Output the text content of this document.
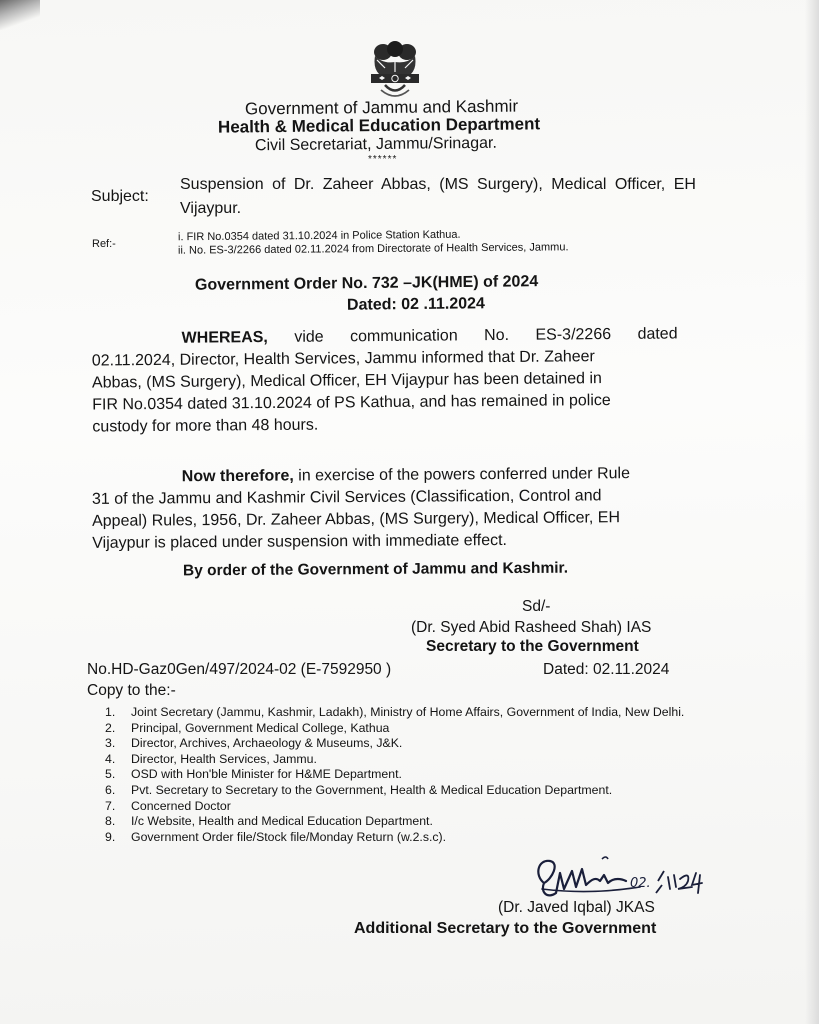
Government of Jammu and Kashmir
Health & Medical Education Department
Civil Secretariat, Jammu/Srinagar.
******
Subject:
Suspension of Dr. Zaheer Abbas, (MS Surgery), Medical Officer, EH Vijaypur.
Ref:-
i. FIR No.0354 dated 31.10.2024 in Police Station Kathua.
ii. No. ES-3/2266 dated 02.11.2024 from Directorate of Health Services, Jammu.
Government Order No. 732 –JK(HME) of 2024
Dated: 02 .11.2024
WHEREAS, vide communication No. ES-3/2266 dated
02.11.2024, Director, Health Services, Jammu informed that Dr. Zaheer
Abbas, (MS Surgery), Medical Officer, EH Vijaypur has been detained in
FIR No.0354 dated 31.10.2024 of PS Kathua, and has remained in police
custody for more than 48 hours.
Now therefore, in exercise of the powers conferred under Rule
31 of the Jammu and Kashmir Civil Services (Classification, Control and
Appeal) Rules, 1956, Dr. Zaheer Abbas, (MS Surgery), Medical Officer, EH
Vijaypur is placed under suspension with immediate effect.
By order of the Government of Jammu and Kashmir.
Sd/-
(Dr. Syed Abid Rasheed Shah) IAS
Secretary to the Government
No.HD-Gaz0Gen/497/2024-02 (E-7592950 )	Dated: 02.11.2024
Copy to the:-
1. Joint Secretary (Jammu, Kashmir, Ladakh), Ministry of Home Affairs, Government of India, New Delhi.
2. Principal, Government Medical College, Kathua
3. Director, Archives, Archaeology & Museums, J&K.
4. Director, Health Services, Jammu.
5. OSD with Hon'ble Minister for H&ME Department.
6. Pvt. Secretary to Secretary to the Government, Health & Medical Education Department.
7. Concerned Doctor
8. I/c Website, Health and Medical Education Department.
9. Government Order file/Stock file/Monday Return (w.2.s.c).
02.
(Dr. Javed Iqbal) JKAS
Additional Secretary to the Government
